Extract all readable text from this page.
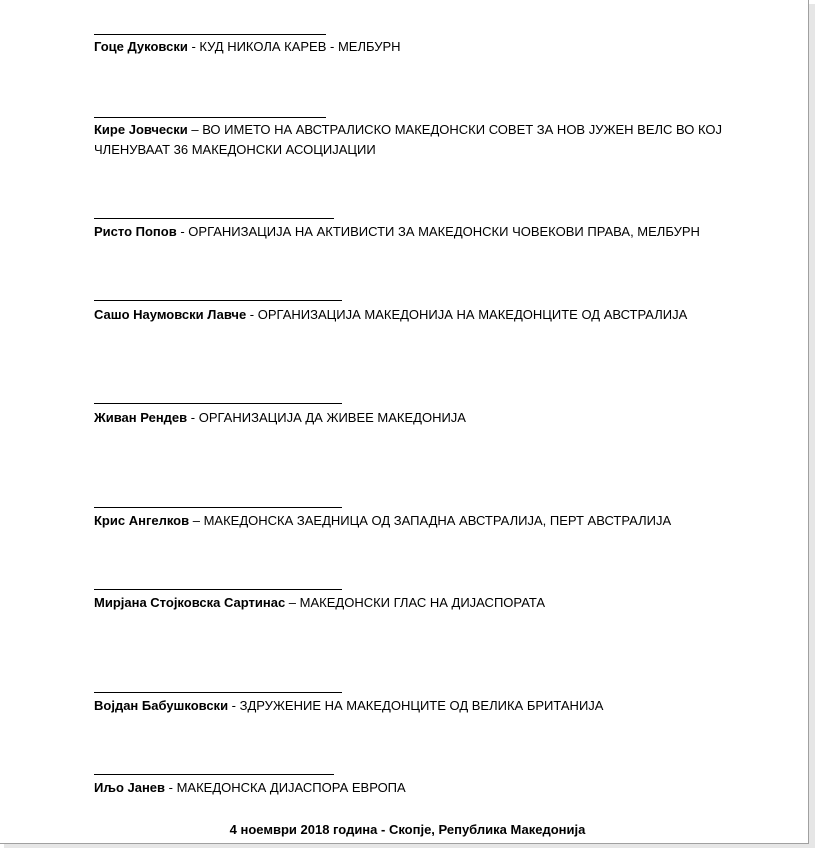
Гоце Дуковски - КУД НИКОЛА КАРЕВ - МЕЛБУРН
Кире Јовчески – ВО ИМЕТО НА АВСТРАЛИСКО МАКЕДОНСКИ СОВЕТ ЗА НОВ ЈУЖЕН ВЕЛС ВО КОЈ ЧЛЕНУВААТ 36 МАКЕДОНСКИ АСОЦИЈАЦИИ
Ристо Попов - ОРГАНИЗАЦИЈА НА АКТИВИСТИ ЗА МАКЕДОНСКИ ЧОВЕКОВИ ПРАВА, МЕЛБУРН
Сашо Наумовски Лавче - ОРГАНИЗАЦИЈА МАКЕДОНИЈА НА МАКЕДОНЦИТЕ ОД АВСТРАЛИЈА
Живан Рендев - ОРГАНИЗАЦИЈА ДА ЖИВЕЕ МАКЕДОНИЈА
Крис Ангелков – МАКЕДОНСКА ЗАЕДНИЦА ОД ЗАПАДНА АВСТРАЛИЈА, ПЕРТ АВСТРАЛИЈА
Мирјана Стојковска Сартинас – МАКЕДОНСКИ ГЛАС НА ДИЈАСПОРАТА
Војдан Бабушковски - ЗДРУЖЕНИЕ НА МАКЕДОНЦИТЕ ОД ВЕЛИКА БРИТАНИЈА
Иљо Јанев - МАКЕДОНСКА ДИЈАСПОРА ЕВРОПА
4 ноември 2018 година - Скопје, Република Македонија
